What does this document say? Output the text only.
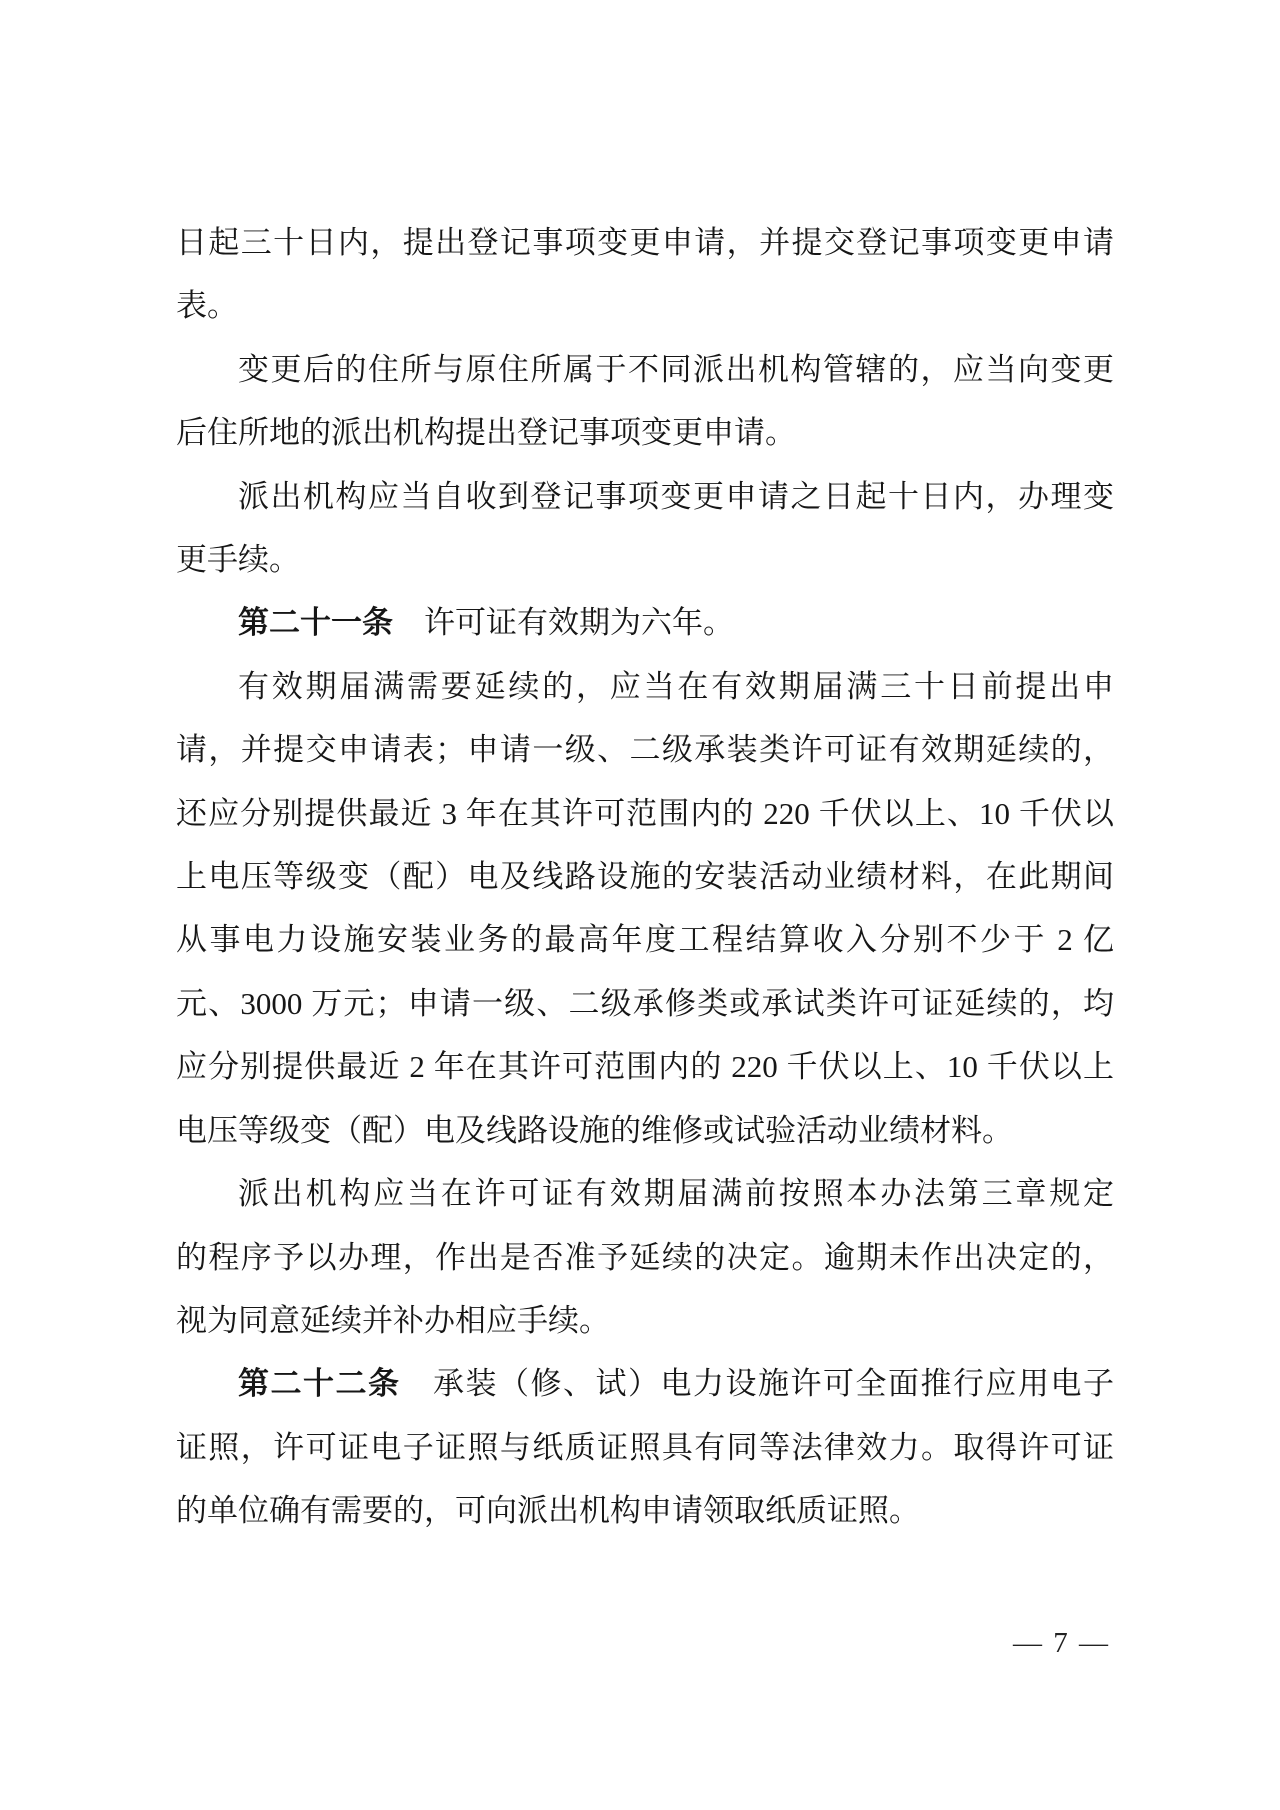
日起三十日内，提出登记事项变更申请，并提交登记事项变更申请
表。
变更后的住所与原住所属于不同派出机构管辖的，应当向变更
后住所地的派出机构提出登记事项变更申请。
派出机构应当自收到登记事项变更申请之日起十日内，办理变
更手续。
第二十一条　许可证有效期为六年。
有效期届满需要延续的，应当在有效期届满三十日前提出申
请，并提交申请表；申请一级、二级承装类许可证有效期延续的，
还应分别提供最近 3 年在其许可范围内的 220 千伏以上、10 千伏以
上电压等级变（配）电及线路设施的安装活动业绩材料，在此期间
从事电力设施安装业务的最高年度工程结算收入分别不少于 2 亿
元、3000 万元；申请一级、二级承修类或承试类许可证延续的，均
应分别提供最近 2 年在其许可范围内的 220 千伏以上、10 千伏以上
电压等级变（配）电及线路设施的维修或试验活动业绩材料。
派出机构应当在许可证有效期届满前按照本办法第三章规定
的程序予以办理，作出是否准予延续的决定。逾期未作出决定的，
视为同意延续并补办相应手续。
第二十二条　承装（修、试）电力设施许可全面推行应用电子
证照，许可证电子证照与纸质证照具有同等法律效力。取得许可证
的单位确有需要的，可向派出机构申请领取纸质证照。
— 7 —
